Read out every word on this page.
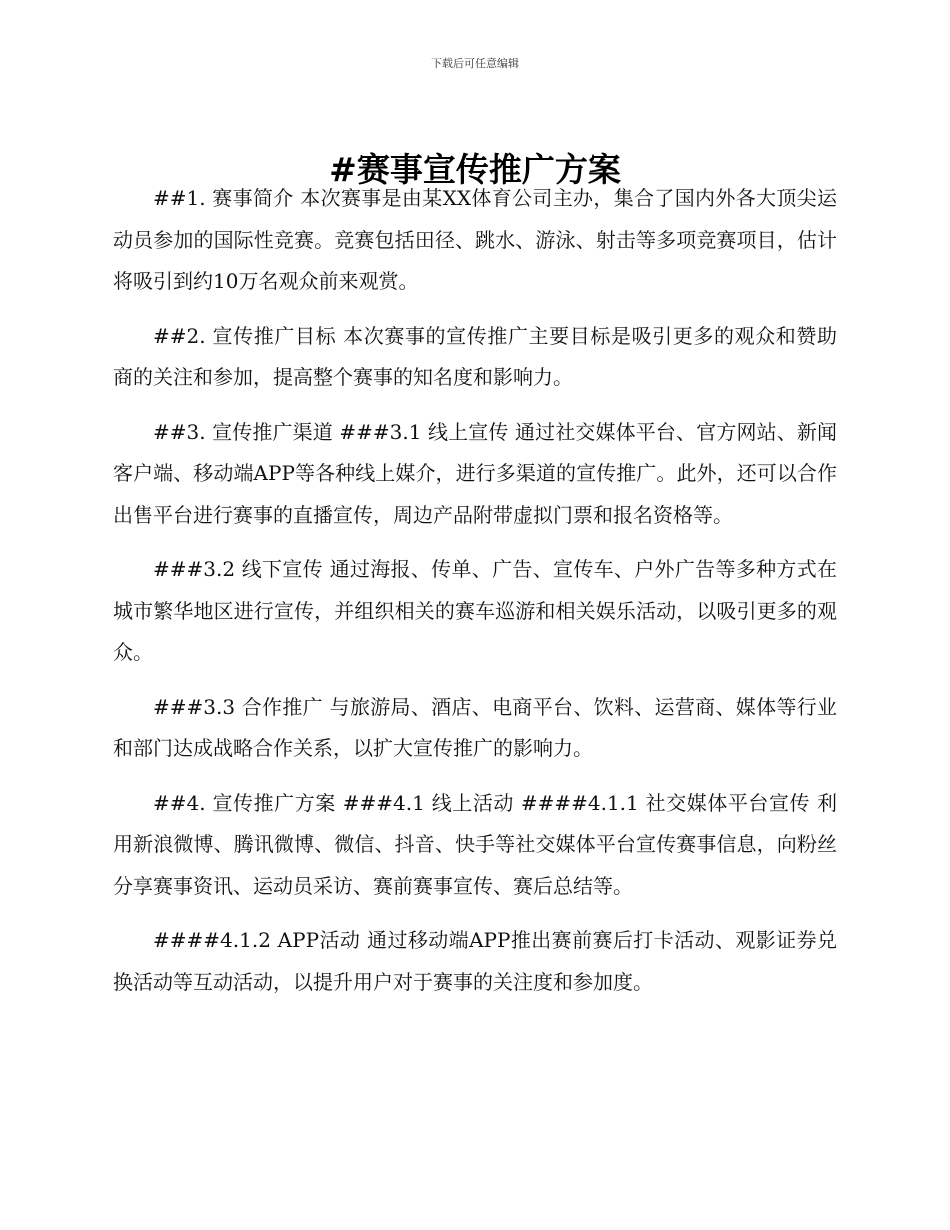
下载后可任意编辑
#赛事宣传推广方案

##1. 赛事简介 本次赛事是由某XX体育公司主办，集合了国内外各大顶尖运动员参加的国际性竞赛。竞赛包括田径、跳水、游泳、射击等多项竞赛项目，估计将吸引到约10万名观众前来观赏。

##2. 宣传推广目标 本次赛事的宣传推广主要目标是吸引更多的观众和赞助商的关注和参加，提高整个赛事的知名度和影响力。

##3. 宣传推广渠道 ###3.1 线上宣传 通过社交媒体平台、官方网站、新闻客户端、移动端APP等各种线上媒介，进行多渠道的宣传推广。此外，还可以合作出售平台进行赛事的直播宣传，周边产品附带虚拟门票和报名资格等。

###3.2 线下宣传 通过海报、传单、广告、宣传车、户外广告等多种方式在城市繁华地区进行宣传，并组织相关的赛车巡游和相关娱乐活动，以吸引更多的观众。

###3.3 合作推广 与旅游局、酒店、电商平台、饮料、运营商、媒体等行业和部门达成战略合作关系，以扩大宣传推广的影响力。

##4. 宣传推广方案 ###4.1 线上活动 ####4.1.1 社交媒体平台宣传 利用新浪微博、腾讯微博、微信、抖音、快手等社交媒体平台宣传赛事信息，向粉丝分享赛事资讯、运动员采访、赛前赛事宣传、赛后总结等。

####4.1.2 APP活动 通过移动端APP推出赛前赛后打卡活动、观影证券兑换活动等互动活动，以提升用户对于赛事的关注度和参加度。
